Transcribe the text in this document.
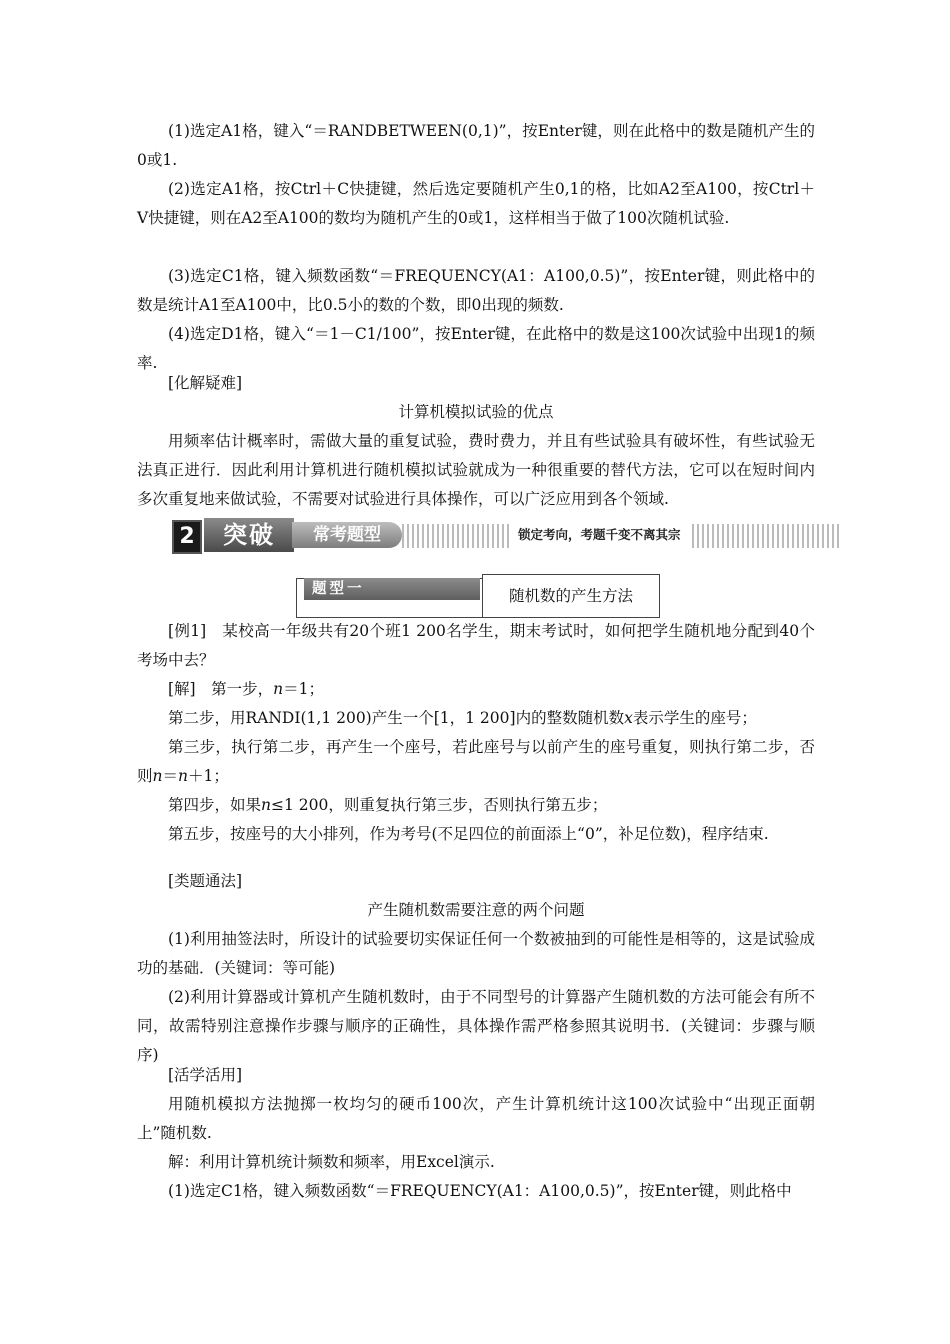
(1)选定A1格，键入“＝RANDBETWEEN(0,1)”，按Enter键，则在此格中的数是随机产生的0或1.

(2)选定A1格，按Ctrl＋C快捷键，然后选定要随机产生0,1的格，比如A2至A100，按Ctrl＋V快捷键，则在A2至A100的数均为随机产生的0或1，这样相当于做了100次随机试验.

(3)选定C1格，键入频数函数“＝FREQUENCY(A1：A100,0.5)”，按Enter键，则此格中的数是统计A1至A100中，比0.5小的数的个数，即0出现的频数.

(4)选定D1格，键入“＝1－C1/100”，按Enter键，在此格中的数是这100次试验中出现1的频率.

[化解疑难]

计算机模拟试验的优点

用频率估计概率时，需做大量的重复试验，费时费力，并且有些试验具有破坏性，有些试验无法真正进行．因此利用计算机进行随机模拟试验就成为一种很重要的替代方法，它可以在短时间内多次重复地来做试验，不需要对试验进行具体操作，可以广泛应用到各个领域.

2	突破	常考题型	锁定考向，考题千变不离其宗
题型一	随机数的产生方法

[例1]　 某校高一年级共有20个班1 200名学生，期末考试时，如何把学生随机地分配到40个考场中去？

[解]　 第一步，n＝1；

第二步，用RANDI(1,1 200)产生一个[1，1 200]内的整数随机数x表示学生的座号；

第三步，执行第二步，再产生一个座号，若此座号与以前产生的座号重复，则执行第二步，否则n＝n＋1；

第四步，如果n≤1 200，则重复执行第三步，否则执行第五步；

第五步，按座号的大小排列，作为考号(不足四位的前面添上“0”，补足位数)，程序结束.

[类题通法]

产生随机数需要注意的两个问题

(1)利用抽签法时，所设计的试验要切实保证任何一个数被抽到的可能性是相等的，这是试验成功的基础．(关键词：等可能)

(2)利用计算器或计算机产生随机数时，由于不同型号的计算器产生随机数的方法可能会有所不同，故需特别注意操作步骤与顺序的正确性，具体操作需严格参照其说明书．(关键词：步骤与顺序)

[活学活用]

用随机模拟方法抛掷一枚均匀的硬币100次，产生计算机统计这100次试验中“出现正面朝上”随机数.

解：利用计算机统计频数和频率，用Excel演示.

(1)选定C1格，键入频数函数“＝FREQUENCY(A1：A100,0.5)”，按Enter键，则此格中
